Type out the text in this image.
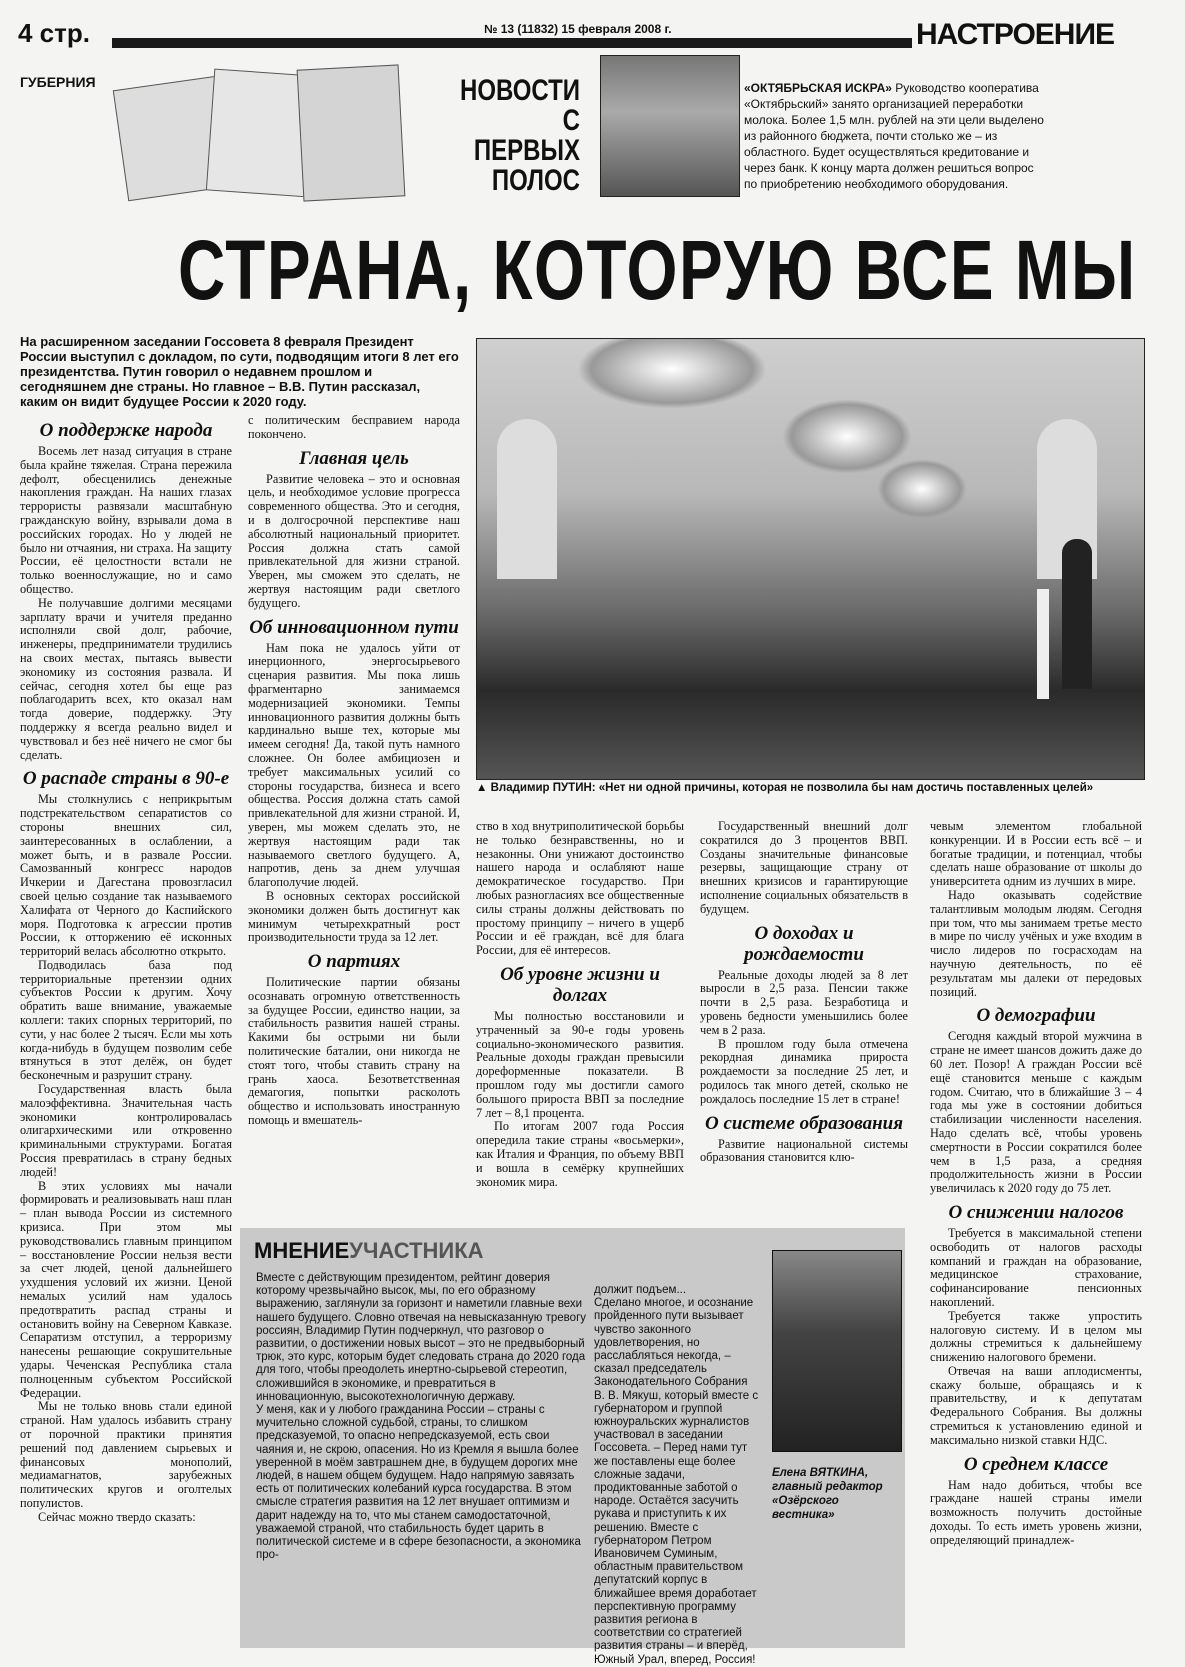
4 стр.	№ 13 (11832) 15 февраля 2008 г.	НАСТРОЕНИЕ
ГУБЕРНИЯ	НОВОСТИ
С ПЕРВЫХ
ПОЛОС
«ОКТЯБРЬСКАЯ ИСКРА» Руководство кооператива «Октябрьский» занято организацией переработки молока. Более 1,5 млн. рублей на эти цели выделено из районного бюджета, почти столько же – из областного. Будет осуществляться кредитование и через банк. К концу марта должен решиться вопрос по приобретению необходимого оборудования.
СТРАНА, КОТОРУЮ ВСЕ МЫ
На расширенном заседании Госсовета 8 февраля Президент России выступил с докладом, по сути, подводящим итоги 8 лет его президентства. Путин говорил о недавнем прошлом и сегодняшнем дне страны. Но главное – В.В. Путин рассказал, каким он видит будущее России к 2020 году.
▲ Владимир ПУТИН: «Нет ни одной причины, которая не позволила бы нам достичь поставленных целей»
О поддержке народа

Восемь лет назад ситуация в стране была крайне тяжелая. Страна пережила дефолт, обесценились денежные накопления граждан. На наших глазах террористы развязали масштабную гражданскую войну, взрывали дома в российских городах. Но у людей не было ни отчаяния, ни страха. На защиту России, её целостности встали не только военнослужащие, но и само общество.

Не получавшие долгими месяцами зарплату врачи и учителя преданно исполняли свой долг, рабочие, инженеры, предприниматели трудились на своих местах, пытаясь вывести экономику из состояния развала. И сейчас, сегодня хотел бы еще раз поблагодарить всех, кто оказал нам тогда доверие, поддержку. Эту поддержку я всегда реально видел и чувствовал и без неё ничего не смог бы сделать.

О распаде страны в 90-е

Мы столкнулись с неприкрытым подстрекательством сепаратистов со стороны внешних сил, заинтересованных в ослаблении, а может быть, и в развале России. Самозванный конгресс народов Ичкерии и Дагестана провозгласил своей целью создание так называемого Халифата от Черного до Каспийского моря. Подготовка к агрессии против России, к отторжению её исконных территорий велась абсолютно открыто.

Подводилась база под территориальные претензии одних субъектов России к другим. Хочу обратить ваше внимание, уважаемые коллеги: таких спорных территорий, по сути, у нас более 2 тысяч. Если мы хоть когда-нибудь в будущем позволим себе втянуться в этот делёж, он будет бесконечным и разрушит страну.

Государственная власть была малоэффективна. Значительная часть экономики контролировалась олигархическими или откровенно криминальными структурами. Богатая Россия превратилась в страну бедных людей!

В этих условиях мы начали формировать и реализовывать наш план – план вывода России из системного кризиса. При этом мы руководствовались главным принципом – восстановление России нельзя вести за счет людей, ценой дальнейшего ухудшения условий их жизни. Ценой немалых усилий нам удалось предотвратить распад страны и остановить войну на Северном Кавказе. Сепаратизм отступил, а терроризму нанесены решающие сокрушительные удары. Чеченская Республика стала полноценным субъектом Российской Федерации.

Мы не только вновь стали единой страной. Нам удалось избавить страну от порочной практики принятия решений под давлением сырьевых и финансовых монополий, медиамагнатов, зарубежных политических кругов и оголтелых популистов.

Сейчас можно твердо сказать:

с политическим бесправием народа покончено.

Главная цель

Развитие человека – это и основная цель, и необходимое условие прогресса современного общества. Это и сегодня, и в долгосрочной перспективе наш абсолютный национальный приоритет. Россия должна стать самой привлекательной для жизни страной. Уверен, мы сможем это сделать, не жертвуя настоящим ради светлого будущего.

Об инновационном пути

Нам пока не удалось уйти от инерционного, энергосырьевого сценария развития. Мы пока лишь фрагментарно занимаемся модернизацией экономики. Темпы инновационного развития должны быть кардинально выше тех, которые мы имеем сегодня! Да, такой путь намного сложнее. Он более амбициозен и требует максимальных усилий со стороны государства, бизнеса и всего общества. Россия должна стать самой привлекательной для жизни страной. И, уверен, мы можем сделать это, не жертвуя настоящим ради так называемого светлого будущего. А, напротив, день за днем улучшая благополучие людей.

В основных секторах российской экономики должен быть достигнут как минимум четырехкратный рост производительности труда за 12 лет.

О партиях

Политические партии обязаны осознавать огромную ответственность за будущее России, единство нации, за стабильность развития нашей страны. Какими бы острыми ни были политические баталии, они никогда не стоят того, чтобы ставить страну на грань хаоса. Безответственная демагогия, попытки расколоть общество и использовать иностранную помощь и вмешатель-

ство в ход внутриполитической борьбы не только безнравственны, но и незаконны. Они унижают достоинство нашего народа и ослабляют наше демократическое государство. При любых разногласиях все общественные силы страны должны действовать по простому принципу – ничего в ущерб России и её граждан, всё для блага России, для её интересов.

Об уровне жизни и долгах

Мы полностью восстановили и утраченный за 90-е годы уровень социально-экономического развития. Реальные доходы граждан превысили дореформенные показатели. В прошлом году мы достигли самого большого прироста ВВП за последние 7 лет – 8,1 процента.

По итогам 2007 года Россия опередила такие страны «восьмерки», как Италия и Франция, по объему ВВП и вошла в семёрку крупнейших экономик мира.

Государственный внешний долг сократился до 3 процентов ВВП. Созданы значительные финансовые резервы, защищающие страну от внешних кризисов и гарантирующие исполнение социальных обязательств в будущем.

О доходах и рождаемости

Реальные доходы людей за 8 лет выросли в 2,5 раза. Пенсии также почти в 2,5 раза. Безработица и уровень бедности уменьшились более чем в 2 раза.

В прошлом году была отмечена рекордная динамика прироста рождаемости за последние 25 лет, и родилось так много детей, сколько не рождалось последние 15 лет в стране!

О системе образования

Развитие национальной системы образования становится клю-

чевым элементом глобальной конкуренции. И в России есть всё – и богатые традиции, и потенциал, чтобы сделать наше образование от школы до университета одним из лучших в мире.

Надо оказывать содействие талантливым молодым людям. Сегодня при том, что мы занимаем третье место в мире по числу учёных и уже входим в число лидеров по госрасходам на научную деятельность, по её результатам мы далеки от передовых позиций.

О демографии

Сегодня каждый второй мужчина в стране не имеет шансов дожить даже до 60 лет. Позор! А граждан России всё ещё становится меньше с каждым годом. Считаю, что в ближайшие 3 – 4 года мы уже в состоянии добиться стабилизации численности населения. Надо сделать всё, чтобы уровень смертности в России сократился более чем в 1,5 раза, а средняя продолжительность жизни в России увеличилась к 2020 году до 75 лет.

О снижении налогов

Требуется в максимальной степени освободить от налогов расходы компаний и граждан на образование, медицинское страхование, софинансирование пенсионных накоплений.

Требуется также упростить налоговую систему. И в целом мы должны стремиться к дальнейшему снижению налогового бремени.

Отвечая на ваши аплодисменты, скажу больше, обращаясь и к правительству, и к депутатам Федерального Собрания. Вы должны стремиться к установлению единой и максимально низкой ставки НДС.

О среднем классе

Нам надо добиться, чтобы все граждане нашей страны имели возможность получить достойные доходы. То есть иметь уровень жизни, определяющий принадлеж-

МНЕНИЕУЧАСТНИКА
Вместе с действующим президентом, рейтинг доверия которому чрезвычайно высок, мы, по его образному выражению, заглянули за горизонт и наметили главные вехи нашего будущего. Словно отвечая на невысказанную тревогу россиян, Владимир Путин подчеркнул, что разговор о развитии, о достижении новых высот – это не предвыборный трюк, это курс, которым будет следовать страна до 2020 года для того, чтобы преодолеть инертно-сырьевой стереотип, сложившийся в экономике, и превратиться в инновационную, высокотехнологичную державу.
У меня, как и у любого гражданина России – страны с мучительно сложной судьбой, страны, то слишком предсказуемой, то опасно непредсказуемой, есть свои чаяния и, не скрою, опасения. Но из Кремля я вышла более уверенной в моём завтрашнем дне, в будущем дорогих мне людей, в нашем общем будущем. Надо напрямую завязать есть от политических колебаний курса государства. В этом смысле стратегия развития на 12 лет внушает оптимизм и дарит надежду на то, что мы станем самодостаточной, уважаемой страной, что стабильность будет царить в политической системе и в сфере безопасности, а экономика про-
должит подъем...
Сделано многое, и осознание пройденного пути вызывает чувство законного удовлетворения, но расслабляться некогда, – сказал председатель Законодательного Собрания В. В. Мякуш, который вместе с губернатором и группой южноуральских журналистов участвовал в заседании Госсовета. – Перед нами тут же поставлены еще более сложные задачи, продиктованные заботой о народе. Остаётся засучить рукава и приступить к их решению. Вместе с губернатором Петром Ивановичем Суминым, областным правительством депутатский корпус в ближайшее время доработает перспективную программу развития региона в соответствии со стратегией развития страны – и вперёд, Южный Урал, вперед, Россия!
Елена ВЯТКИНА, главный редактор «Озёрского вестника»
